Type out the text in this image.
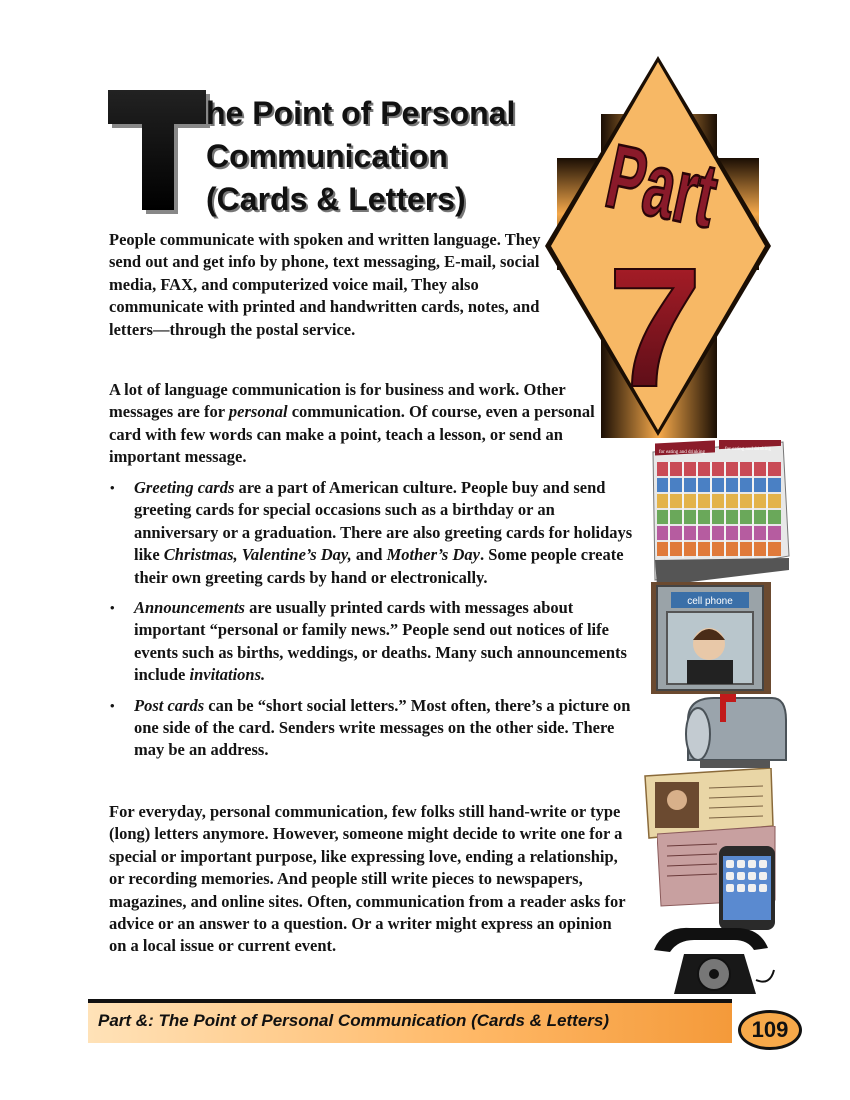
T
he Point of Personal
Communication
(Cards & Letters)	Part
7

People communicate with spoken and written language. They send out and get info by phone, text messaging, E-mail, social media, FAX, and computerized voice mail, They also communicate with printed and handwritten cards, notes, and letters—through the postal service.

A lot of language communication is for business and work. Other messages are for personal communication. Of course, even a personal card with few words can make a point, teach a lesson, or send an important message.

• Greeting cards are a part of American culture. People buy and send greeting cards for special occasions such as a birthday or an anniversary or a graduation. There are also greeting cards for holidays like Christmas, Valentine’s Day, and Mother’s Day. Some people create their own greeting cards by hand or electronically.
• Announcements are usually printed cards with messages about important “personal or family news.” People send out notices of life events such as births, weddings, or deaths. Many such announcements include invitations.
• Post cards can be “short social letters.” Most often, there’s a picture on one side of the card. Senders write messages on the other side. There may be an address.

For everyday, personal communication, few folks still hand-write or type (long) letters anymore. However, someone might decide to write one for a special or important purpose, like expressing love, ending a relationship, or recording memories. And people still write pieces to newspapers, magazines, and online sites. Often, communication from a reader asks for advice or an answer to a question. Or a writer might express an opinion on a local issue or current event.

for eating and drinking
for eating and drinking
cell phone

Part &: The Point of Personal Communication (Cards & Letters)	109
